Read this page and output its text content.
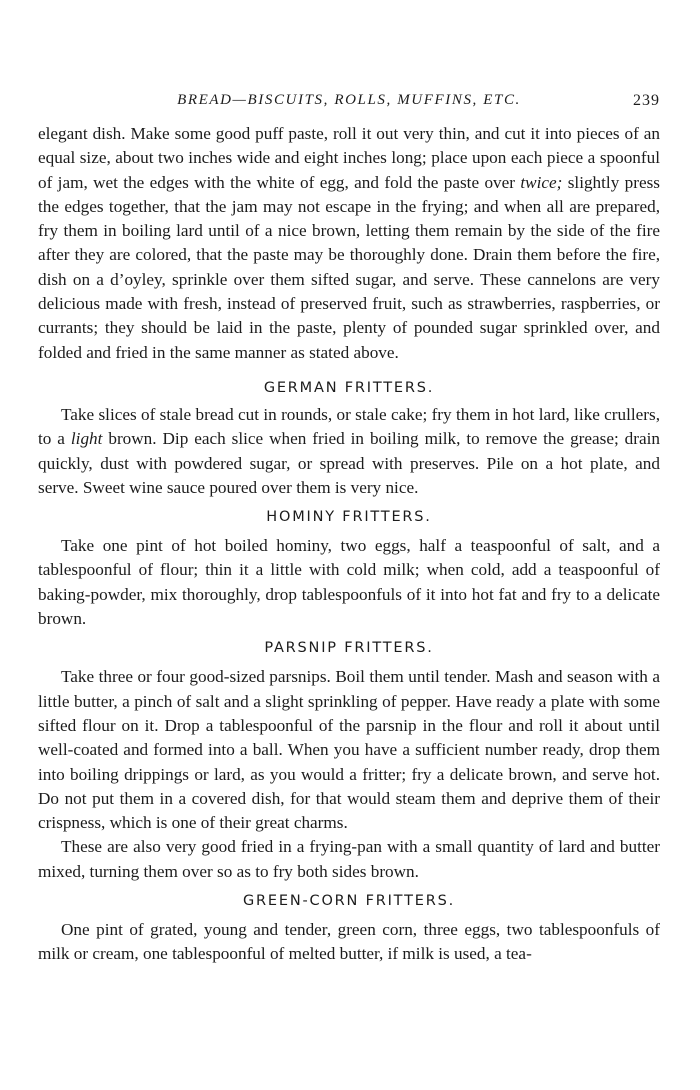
BREAD—BISCUITS, ROLLS, MUFFINS, ETC.	239

elegant dish. Make some good puff paste, roll it out very thin, and cut it into pieces of an equal size, about two inches wide and eight inches long; place upon each piece a spoonful of jam, wet the edges with the white of egg, and fold the paste over twice; slightly press the edges together, that the jam may not escape in the frying; and when all are prepared, fry them in boiling lard until of a nice brown, letting them remain by the side of the fire after they are colored, that the paste may be thoroughly done. Drain them before the fire, dish on a d’oyley, sprinkle over them sifted sugar, and serve. These cannelons are very delicious made with fresh, instead of preserved fruit, such as strawberries, raspberries, or currants; they should be laid in the paste, plenty of pounded sugar sprinkled over, and folded and fried in the same manner as stated above.

GERMAN FRITTERS.

Take slices of stale bread cut in rounds, or stale cake; fry them in hot lard, like crullers, to a light brown. Dip each slice when fried in boiling milk, to remove the grease; drain quickly, dust with powdered sugar, or spread with preserves. Pile on a hot plate, and serve. Sweet wine sauce poured over them is very nice.

HOMINY FRITTERS.

Take one pint of hot boiled hominy, two eggs, half a teaspoonful of salt, and a tablespoonful of flour; thin it a little with cold milk; when cold, add a teaspoonful of baking-powder, mix thoroughly, drop tablespoonfuls of it into hot fat and fry to a delicate brown.

PARSNIP FRITTERS.

Take three or four good-sized parsnips. Boil them until tender. Mash and season with a little butter, a pinch of salt and a slight sprinkling of pepper. Have ready a plate with some sifted flour on it. Drop a tablespoonful of the parsnip in the flour and roll it about until well-coated and formed into a ball. When you have a sufficient number ready, drop them into boiling drippings or lard, as you would a fritter; fry a delicate brown, and serve hot. Do not put them in a covered dish, for that would steam them and deprive them of their crispness, which is one of their great charms.

These are also very good fried in a frying-pan with a small quantity of lard and butter mixed, turning them over so as to fry both sides brown.

GREEN-CORN FRITTERS.

One pint of grated, young and tender, green corn, three eggs, two tablespoonfuls of milk or cream, one tablespoonful of melted butter, if milk is used, a tea-
